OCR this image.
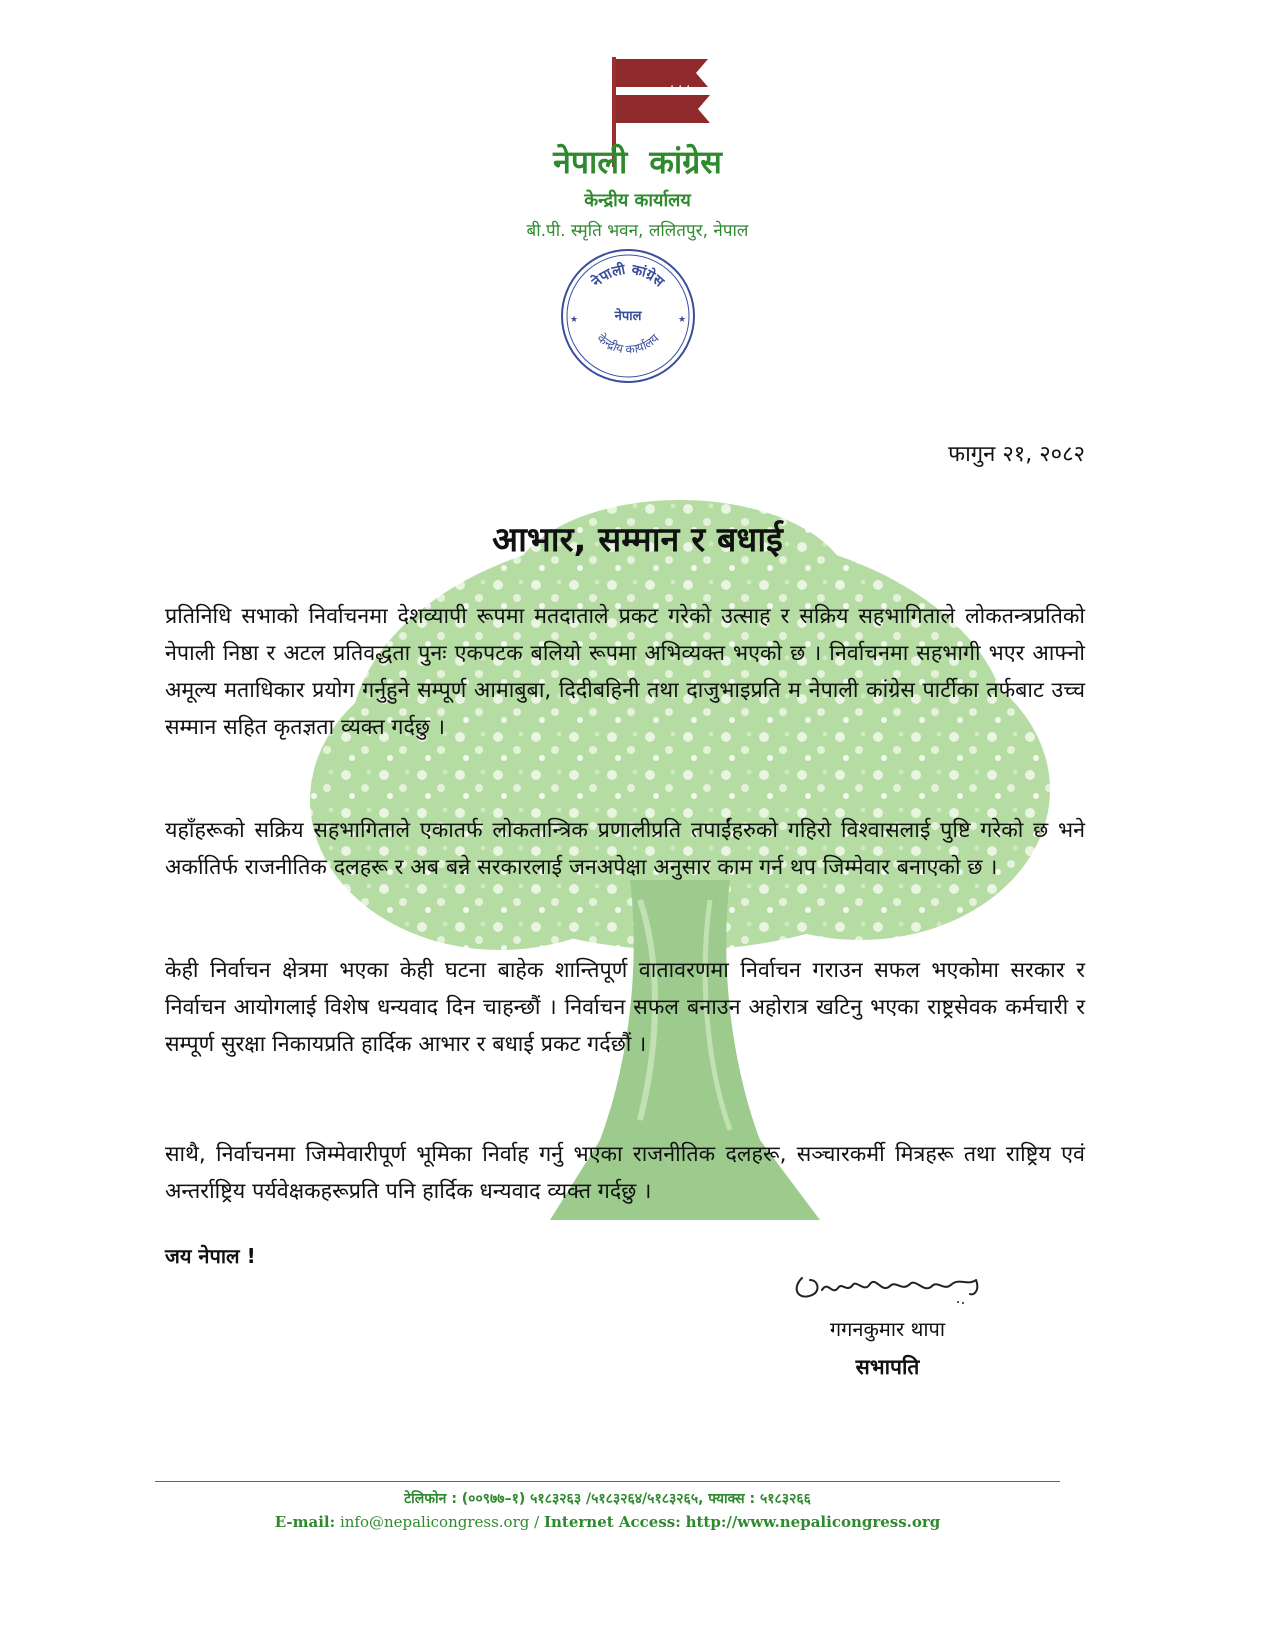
★★★
नेपाली कांग्रेस
केन्द्रीय कार्यालय
बी.पी. स्मृति भवन, ललितपुर, नेपाल
नेपाली कांग्रेस
नेपाल
केन्द्रीय कार्यालय
★	★
फागुन २१, २०८२
आभार, सम्मान र बधाई
प्रतिनिधि सभाको निर्वाचनमा देशव्यापी रूपमा मतदाताले प्रकट गरेको उत्साह र सक्रिय सहभागिताले लोकतन्त्रप्रतिको नेपाली निष्ठा र अटल प्रतिवद्धता पुनः एकपटक बलियो रूपमा अभिव्यक्त भएको छ । निर्वाचनमा सहभागी भएर आफ्नो अमूल्य मताधिकार प्रयोग गर्नुहुने सम्पूर्ण आमाबुबा, दिदीबहिनी तथा दाजुभाइप्रति म नेपाली कांग्रेस पार्टीका तर्फबाट उच्च सम्मान सहित कृतज्ञता व्यक्त गर्दछु ।
यहाँहरूको सक्रिय सहभागिताले एकातर्फ लोकतान्त्रिक प्रणालीप्रति तपाईंहरुको गहिरो विश्वासलाई पुष्टि गरेको छ भने अर्कातिर्फ राजनीतिक दलहरू र अब बन्ने सरकारलाई जनअपेक्षा अनुसार काम गर्न थप जिम्मेवार बनाएको छ ।
केही निर्वाचन क्षेत्रमा भएका केही घटना बाहेक शान्तिपूर्ण वातावरणमा निर्वाचन गराउन सफल भएकोमा सरकार र निर्वाचन आयोगलाई विशेष धन्यवाद दिन चाहन्छौं । निर्वाचन सफल बनाउन अहोरात्र खटिनु भएका राष्ट्रसेवक कर्मचारी र सम्पूर्ण सुरक्षा निकायप्रति हार्दिक आभार र बधाई प्रकट गर्दछौं ।
साथै, निर्वाचनमा जिम्मेवारीपूर्ण भूमिका निर्वाह गर्नु भएका राजनीतिक दलहरू, सञ्चारकर्मी मित्रहरू तथा राष्ट्रिय एवं अन्तर्राष्ट्रिय पर्यवेक्षकहरूप्रति पनि हार्दिक धन्यवाद व्यक्त गर्दछु ।
जय नेपाल !
गगनकुमार थापा
सभापति
टेलिफोन : (००९७७–१) ५१८३२६३ /५१८३२६४/५१८३२६५, फ्याक्स : ५१८३२६६
E-mail: info@nepalicongress.org / Internet Access: http://www.nepalicongress.org
